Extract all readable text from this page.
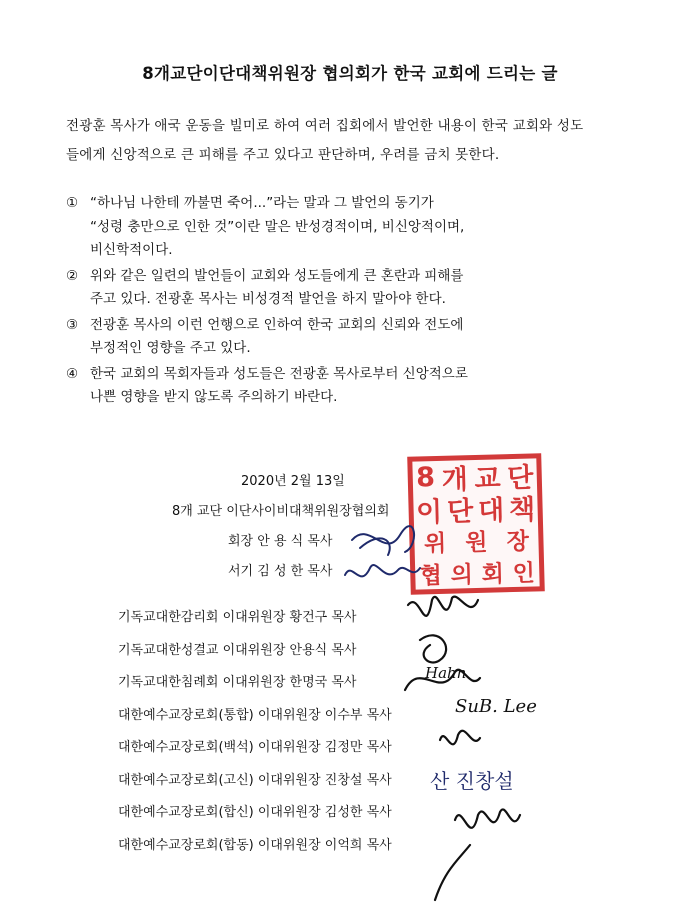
8개교단이단대책위원장 협의회가 한국 교회에 드리는 글
전광훈 목사가 애국 운동을 빌미로 하여 여러 집회에서 발언한 내용이 한국 교회와 성도
들에게 신앙적으로 큰 피해를 주고 있다고 판단하며, 우려를 금치 못한다.
① “하나님 나한테 까불면 죽어...”라는 말과 그 발언의 동기가
“성령 충만으로 인한 것”이란 말은 반성경적이며, 비신앙적이며,
비신학적이다.
② 위와 같은 일련의 발언들이 교회와 성도들에게 큰 혼란과 피해를
주고 있다. 전광훈 목사는 비성경적 발언을 하지 말아야 한다.
③ 전광훈 목사의 이런 언행으로 인하여 한국 교회의 신뢰와 전도에
부정적인 영향을 주고 있다.
④ 한국 교회의 목회자들과 성도들은 전광훈 목사로부터 신앙적으로
나쁜 영향을 받지 않도록 주의하기 바란다.
2020년 2월 13일
8개 교단 이단사이비대책위원장협의회
회장 안 용 식 목사
서기 김 성 한 목사
8 개 교 단
이 단 대 책
위 원 장
협 의 회 인
기독교대한감리회 이대위원장 황건구 목사
기독교대한성결교 이대위원장 안용식 목사
기독교대한침례회 이대위원장 한명국 목사
대한예수교장로회(통합) 이대위원장 이수부 목사
대한예수교장로회(백석) 이대위원장 김정만 목사
대한예수교장로회(고신) 이대위원장 진창설 목사
대한예수교장로회(합신) 이대위원장 김성한 목사
대한예수교장로회(합동) 이대위원장 이억희 목사
SuB. Lee
Hahn
산 진창설
